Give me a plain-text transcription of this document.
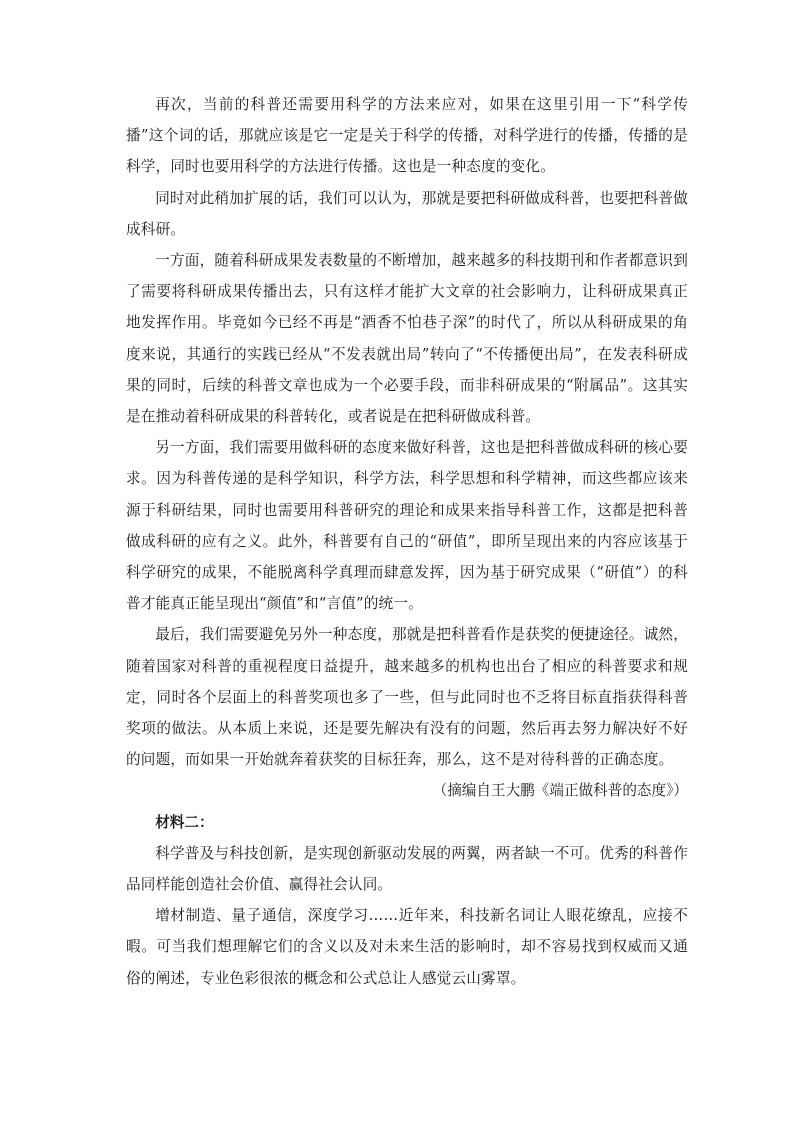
再次，当前的科普还需要用科学的方法来应对，如果在这里引用一下“科学传播”这个词的话，那就应该是它一定是关于科学的传播，对科学进行的传播，传播的是科学，同时也要用科学的方法进行传播。这也是一种态度的变化。

同时对此稍加扩展的话，我们可以认为，那就是要把科研做成科普，也要把科普做成科研。

一方面，随着科研成果发表数量的不断增加，越来越多的科技期刊和作者都意识到了需要将科研成果传播出去，只有这样才能扩大文章的社会影响力，让科研成果真正地发挥作用。毕竟如今已经不再是“酒香不怕巷子深”的时代了，所以从科研成果的角度来说，其通行的实践已经从“不发表就出局”转向了“不传播便出局”，在发表科研成果的同时，后续的科普文章也成为一个必要手段，而非科研成果的“附属品”。这其实是在推动着科研成果的科普转化，或者说是在把科研做成科普。

另一方面，我们需要用做科研的态度来做好科普，这也是把科普做成科研的核心要求。因为科普传递的是科学知识，科学方法，科学思想和科学精神，而这些都应该来源于科研结果，同时也需要用科普研究的理论和成果来指导科普工作，这都是把科普做成科研的应有之义。此外，科普要有自己的“研值”，即所呈现出来的内容应该基于科学研究的成果，不能脱离科学真理而肆意发挥，因为基于研究成果（“研值”）的科普才能真正能呈现出“颜值”和“言值”的统一。

最后，我们需要避免另外一种态度，那就是把科普看作是获奖的便捷途径。诚然，随着国家对科普的重视程度日益提升，越来越多的机构也出台了相应的科普要求和规定，同时各个层面上的科普奖项也多了一些，但与此同时也不乏将目标直指获得科普奖项的做法。从本质上来说，还是要先解决有没有的问题，然后再去努力解决好不好的问题，而如果一开始就奔着获奖的目标狂奔，那么，这不是对待科普的正确态度。

（摘编自王大鹏《端正做科普的态度》）

材料二：

科学普及与科技创新，是实现创新驱动发展的两翼，两者缺一不可。优秀的科普作品同样能创造社会价值、赢得社会认同。

增材制造、量子通信，深度学习……近年来，科技新名词让人眼花缭乱，应接不暇。可当我们想理解它们的含义以及对未来生活的影响时，却不容易找到权威而又通俗的阐述，专业色彩很浓的概念和公式总让人感觉云山雾罩。
